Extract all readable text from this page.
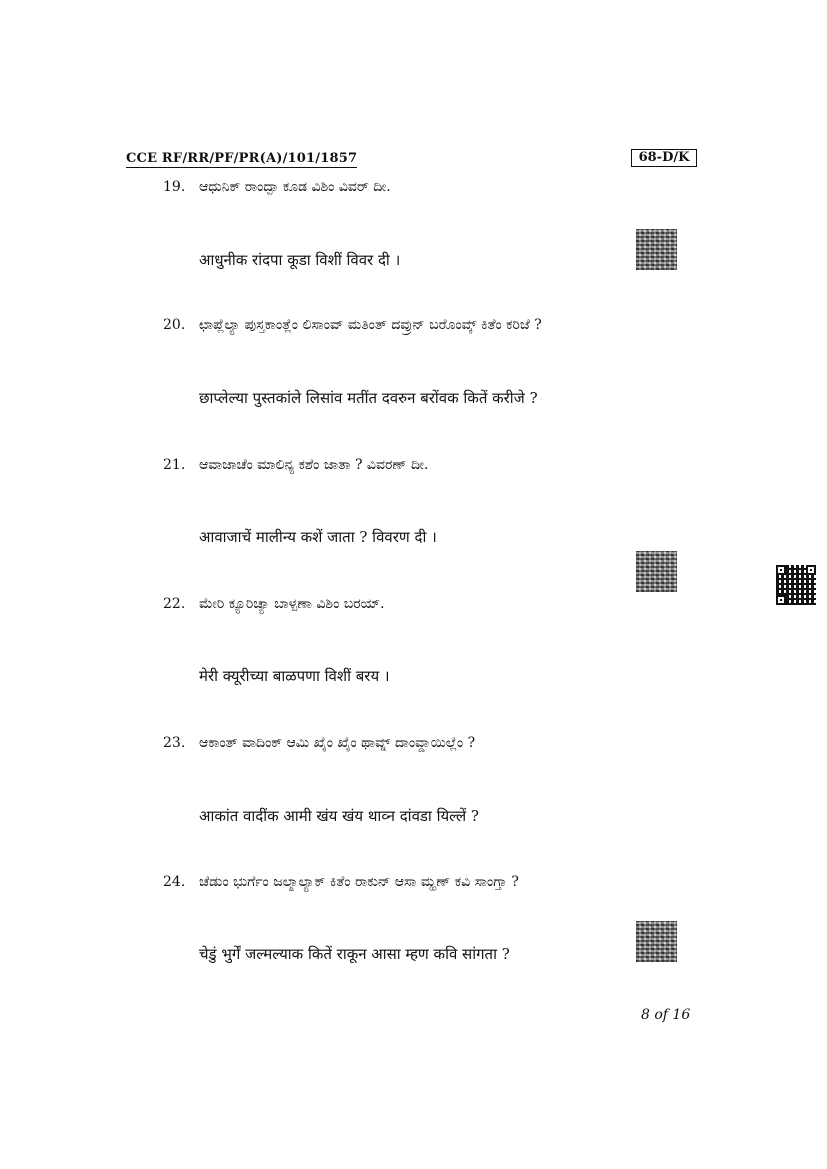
CCE RF/RR/PF/PR(A)/101/1857	68-D/K
19. ಆಧುನಿಕ್ ರಾಂದ್ಪಾ ಕೂಡ ವಿಶಿಂ ವಿವರ್ ದೀ.
आधुनीक रांदपा कूडा विशीं विवर दी ।
20. ಛಾಪ್ಲೆಲ್ಯಾ ಪುಸ್ತಕಾಂತ್ಲೆಂ ಲಿಸಾಂವ್ ಮತಿಂತ್ ದವ್ರುನ್ ಬರೊಂವ್ಕ್ ಕಿತೆಂ ಕರಿಜೆ ?
छाप्लेल्या पुस्तकांले लिसांव मतींत दवरुन बरोंवक कितें करीजे ?
21. ಆವಾಜಾಚೆಂ ಮಾಲಿನ್ಯ ಕಶೆಂ ಜಾತಾ ? ವಿವರಣ್ ದೀ.
आवाजाचें मालीन्य कशें जाता ? विवरण दी ।
22. ಮೇರಿ ಕ್ಯೂರಿಚ್ಯಾ ಬಾಳ್ಪಣಾ ವಿಶಿಂ ಬರಯ್.
मेरी क्यूरीच्या बाळपणा विशीं बरय ।
23. ಆಕಾಂತ್ ವಾದಿಂಕ್ ಆಮಿ ಖೈಂ ಖೈಂ ಥಾವ್ನ್ ದಾಂವ್ಡಾಯಿಲ್ಲೆಂ ?
आकांत वादींक आमी खंय खंय थाव्न दांवडा यिल्लें ?
24. ಚೆಡುಂ ಭುರ್ಗೆಂ ಜಲ್ಮಾಲ್ಯಾಕ್ ಕಿತೆಂ ರಾಕುನ್ ಆಸಾ ಮ್ಹಣ್ ಕವಿ ಸಾಂಗ್ತಾ ?
चेडुं भुर्गें जल्मल्याक कितें राकून आसा म्हण कवि सांगता ?
8 of 16
